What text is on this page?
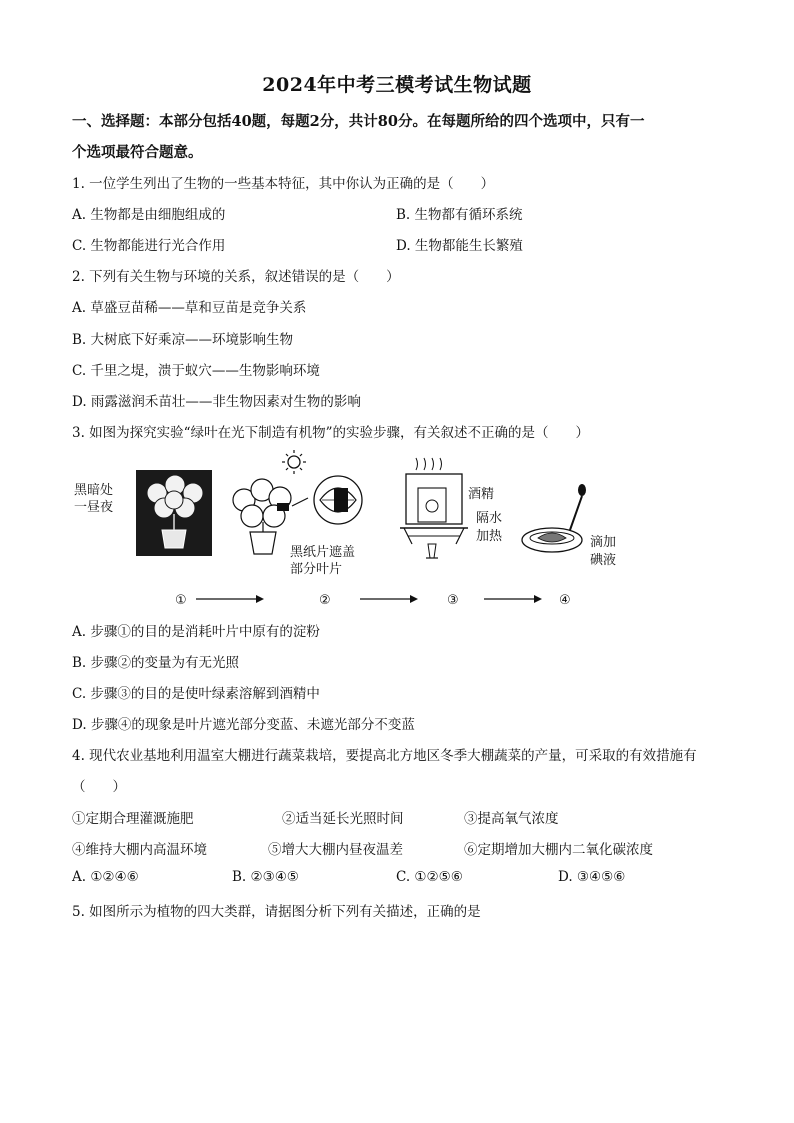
2024年中考三模考试生物试题
一、选择题：本部分包括40题，每题2分，共计80分。在每题所给的四个选项中，只有一
个选项最符合题意。
1. 一位学生列出了生物的一些基本特征，其中你认为正确的是（　　）
A. 生物都是由细胞组成的	B. 生物都有循环系统
C. 生物都能进行光合作用	D. 生物都能生长繁殖
2. 下列有关生物与环境的关系，叙述错误的是（　　）
A. 草盛豆苗稀——草和豆苗是竞争关系
B. 大树底下好乘凉——环境影响生物
C. 千里之堤，溃于蚁穴——生物影响环境
D. 雨露滋润禾苗壮——非生物因素对生物的影响
3. 如图为探究实验“绿叶在光下制造有机物”的实验步骤，有关叙述不正确的是（　　）
黑暗处
一昼夜
黑纸片遮盖
部分叶片
酒精
隔水
加热	滴加
碘液
①	②	③	④
A. 步骤①的目的是消耗叶片中原有的淀粉
B. 步骤②的变量为有无光照
C. 步骤③的目的是使叶绿素溶解到酒精中
D. 步骤④的现象是叶片遮光部分变蓝、未遮光部分不变蓝
4. 现代农业基地利用温室大棚进行蔬菜栽培，要提高北方地区冬季大棚蔬菜的产量，可采取的有效措施有
（　　）
①定期合理灌溉施肥	②适当延长光照时间	③提高氧气浓度
④维持大棚内高温环境	⑤增大大棚内昼夜温差	⑥定期增加大棚内二氧化碳浓度
A. ①②④⑥	B. ②③④⑤	C. ①②⑤⑥	D. ③④⑤⑥
5. 如图所示为植物的四大类群，请据图分析下列有关描述，正确的是
